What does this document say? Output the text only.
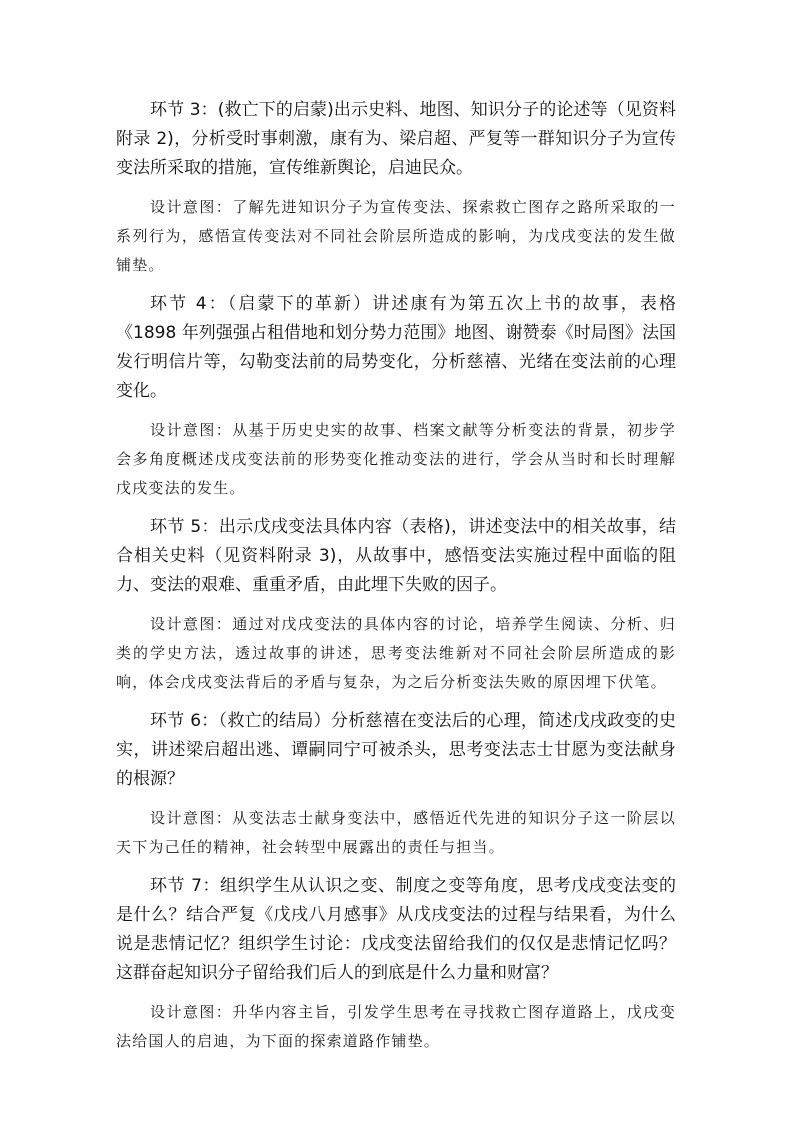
环节 3：(救亡下的启蒙)出示史料、地图、知识分子的论述等（见资料附录 2)，分析受时事刺激，康有为、梁启超、严复等一群知识分子为宣传变法所采取的措施，宣传维新舆论，启迪民众。

设计意图：了解先进知识分子为宣传变法、探索救亡图存之路所采取的一系列行为，感悟宣传变法对不同社会阶层所造成的影响，为戊戌变法的发生做铺垫。

环节 4：（启蒙下的革新）讲述康有为第五次上书的故事，表格《1898 年列强强占租借地和划分势力范围》地图、谢赞泰《时局图》法国发行明信片等，勾勒变法前的局势变化，分析慈禧、光绪在变法前的心理变化。

设计意图：从基于历史史实的故事、档案文献等分析变法的背景，初步学会多角度概述戊戌变法前的形势变化推动变法的进行，学会从当时和长时理解戊戌变法的发生。

环节 5：出示戊戌变法具体内容（表格)，讲述变法中的相关故事，结合相关史料（见资料附录 3)，从故事中，感悟变法实施过程中面临的阻力、变法的艰难、重重矛盾，由此埋下失败的因子。

设计意图：通过对戊戌变法的具体内容的讨论，培养学生阅读、分析、归类的学史方法，透过故事的讲述，思考变法维新对不同社会阶层所造成的影响，体会戊戌变法背后的矛盾与复杂，为之后分析变法失败的原因埋下伏笔。

环节 6：（救亡的结局）分析慈禧在变法后的心理，简述戊戌政变的史实，讲述梁启超出逃、谭嗣同宁可被杀头，思考变法志士甘愿为变法献身的根源？

设计意图：从变法志士献身变法中，感悟近代先进的知识分子这一阶层以天下为己任的精神，社会转型中展露出的责任与担当。

环节 7：组织学生从认识之变、制度之变等角度，思考戊戌变法变的是什么？结合严复《戊戌八月感事》从戊戌变法的过程与结果看，为什么说是悲情记忆？组织学生讨论：戊戌变法留给我们的仅仅是悲情记忆吗？这群奋起知识分子留给我们后人的到底是什么力量和财富？

设计意图：升华内容主旨，引发学生思考在寻找救亡图存道路上，戊戌变法给国人的启迪，为下面的探索道路作铺垫。
